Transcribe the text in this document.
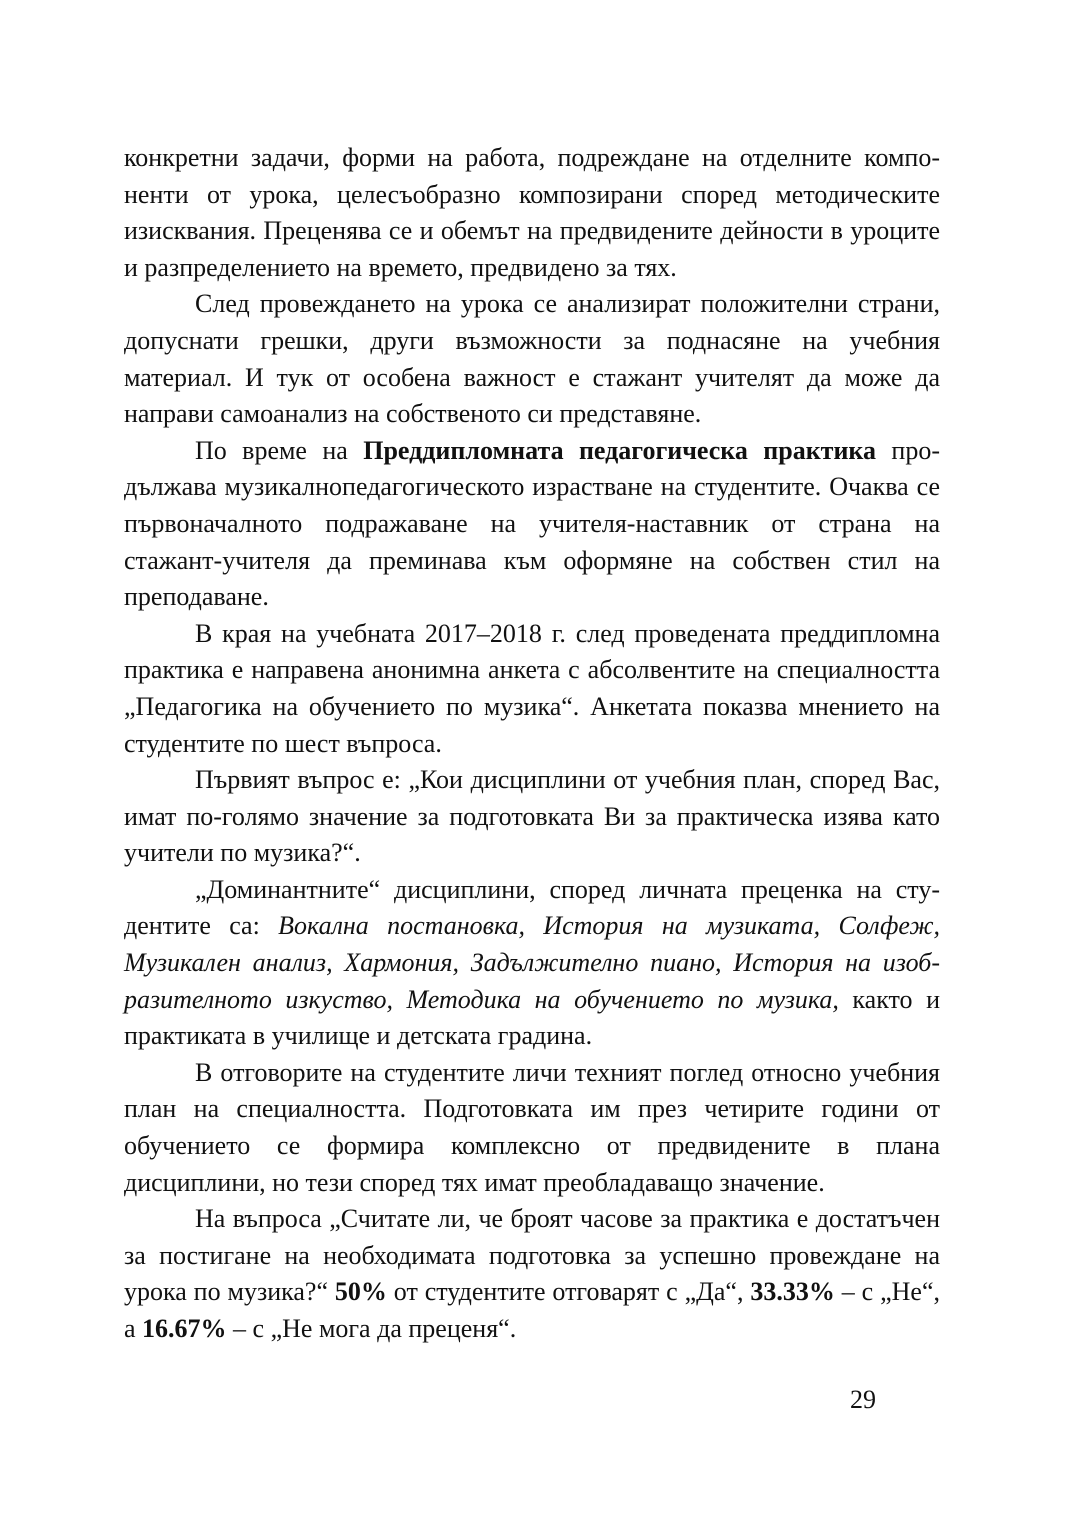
конкретни задачи, форми на работа, подреждане на отделните компоненти от урока, целесъобразно композирани според методическите изисквания. Преценява се и обемът на предвидените дейности в уроците и разпределението на времето, предвидено за тях.

След провеждането на урока се анализират положителни страни, допуснати грешки, други възможности за поднасяне на учебния материал. И тук от особена важност е стажант учителят да може да направи самоанализ на собственото си представяне.

По време на Преддипломната педагогическа практика продължава музикалнопедагогическото израстване на студентите. Очаква се първоначалното подражаване на учителя-наставник от страна на стажант-учителя да преминава към оформяне на собствен стил на преподаване.

В края на учебната 2017–2018 г. след проведената преддипломна практика е направена анонимна анкета с абсолвентите на специалността „Педагогика на обучението по музика“. Анкетата показва мнението на студентите по шест въпроса.

Първият въпрос е: „Кои дисциплини от учебния план, според Вас, имат по-голямо значение за подготовката Ви за практическа изява като учители по музика?“.

„Доминантните“ дисциплини, според личната преценка на студентите са: Вокална постановка, История на музиката, Солфеж, Музикален анализ, Хармония, Задължително пиано, История на изобразителното изкуство, Методика на обучението по музика, както и практиката в училище и детската градина.

В отговорите на студентите личи техният поглед относно учебния план на специалността. Подготовката им през четирите години от обучението се формира комплексно от предвидените в плана дисциплини, но тези според тях имат преобладаващо значение.

На въпроса „Считате ли, че броят часове за практика е достатъчен за постигане на необходимата подготовка за успешно провеждане на урока по музика?“ 50% от студентите отговарят с „Да“, 33.33% – с „Не“, а 16.67% – с „Не мога да преценя“.

29
